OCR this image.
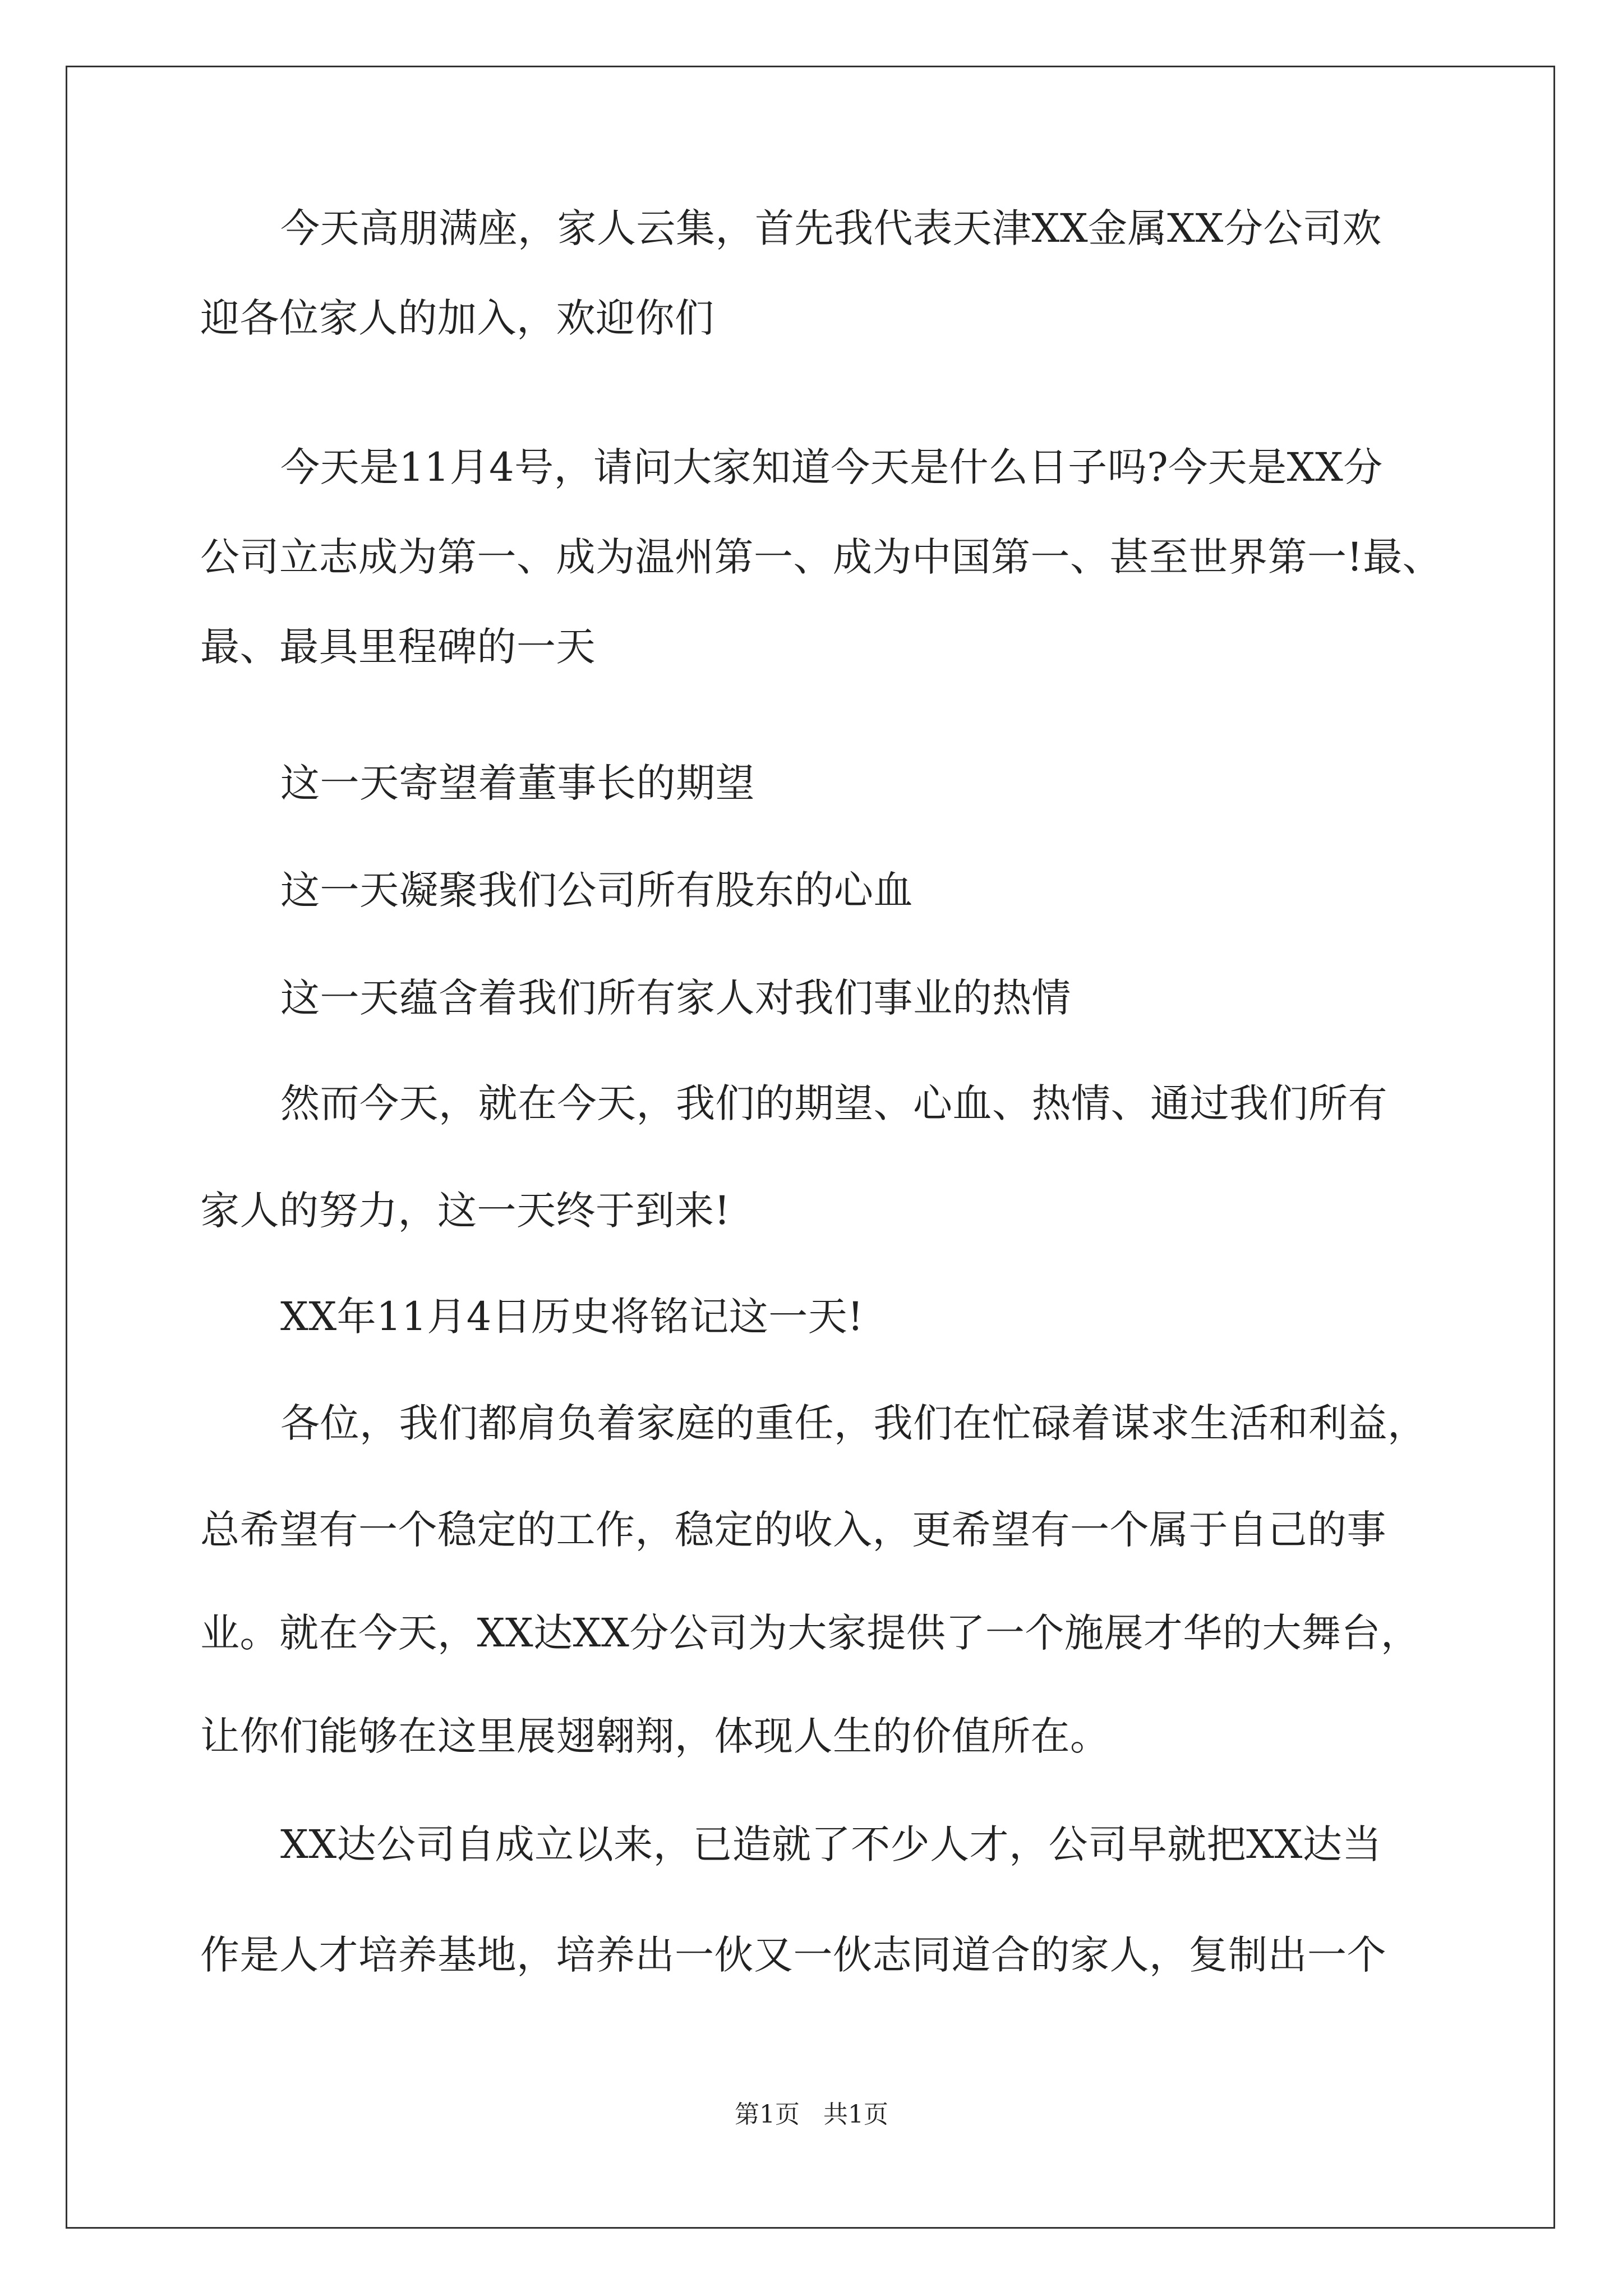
今天高朋满座，家人云集，首先我代表天津XX金属XX分公司欢
迎各位家人的加入，欢迎你们
今天是11月4号，请问大家知道今天是什么日子吗?今天是XX分
公司立志成为第一、成为温州第一、成为中国第一、甚至世界第一!最、
最、最具里程碑的一天
这一天寄望着董事长的期望
这一天凝聚我们公司所有股东的心血
这一天蕴含着我们所有家人对我们事业的热情
然而今天，就在今天，我们的期望、心血、热情、通过我们所有
家人的努力，这一天终于到来!
XX年11月4日历史将铭记这一天!
各位，我们都肩负着家庭的重任，我们在忙碌着谋求生活和利益，
总希望有一个稳定的工作，稳定的收入，更希望有一个属于自己的事
业。就在今天，XX达XX分公司为大家提供了一个施展才华的大舞台，
让你们能够在这里展翅翱翔，体现人生的价值所在。
XX达公司自成立以来，已造就了不少人才，公司早就把XX达当
作是人才培养基地，培养出一伙又一伙志同道合的家人，复制出一个
第1页   共1页
